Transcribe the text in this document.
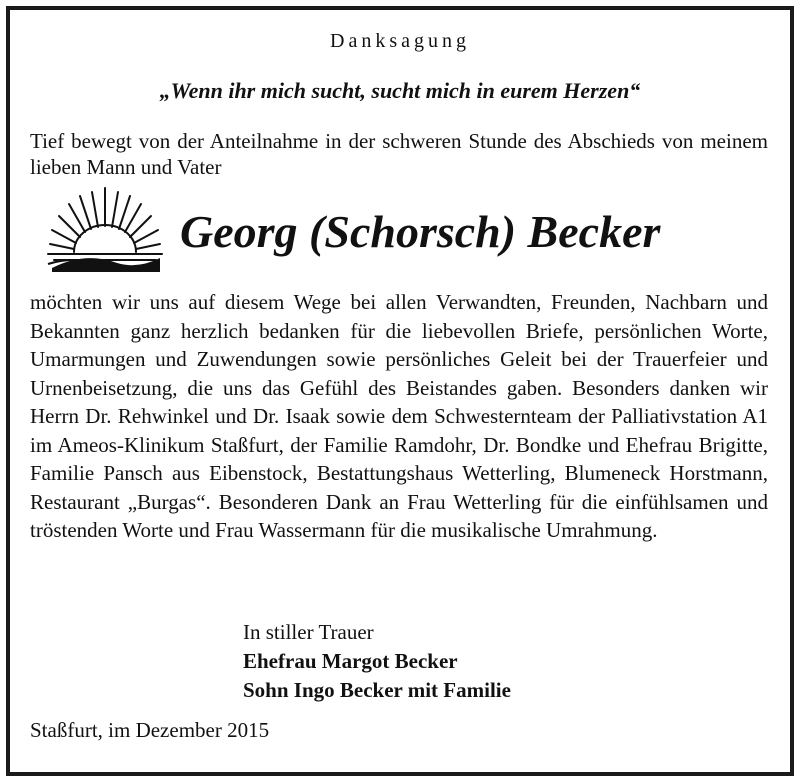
Danksagung
„Wenn ihr mich sucht, sucht mich in eurem Herzen“
Tief bewegt von der Anteilnahme in der schweren Stunde des Abschieds von meinem lieben Mann und Vater
Georg (Schorsch) Becker
möchten wir uns auf diesem Wege bei allen Verwandten, Freunden, Nachbarn und Bekannten ganz herzlich bedanken für die liebevollen Briefe, persönlichen Worte, Umarmungen und Zuwendungen sowie persönliches Geleit bei der Trauerfeier und Urnenbeisetzung, die uns das Gefühl des Beistandes gaben. Besonders danken wir Herrn Dr. Rehwinkel und Dr. Isaak sowie dem Schwesternteam der Palliativstation A1 im Ameos-Klinikum Staßfurt, der Familie Ramdohr, Dr. Bondke und Ehefrau Brigitte, Familie Pansch aus Eibenstock, Bestattungshaus Wetterling, Blumeneck Horstmann, Restaurant „Burgas“. Besonderen Dank an Frau Wetterling für die einfühlsamen und tröstenden Worte und Frau Wassermann für die musikalische Umrahmung.
In stiller Trauer
Ehefrau Margot Becker
Sohn Ingo Becker mit Familie
Staßfurt, im Dezember 2015
